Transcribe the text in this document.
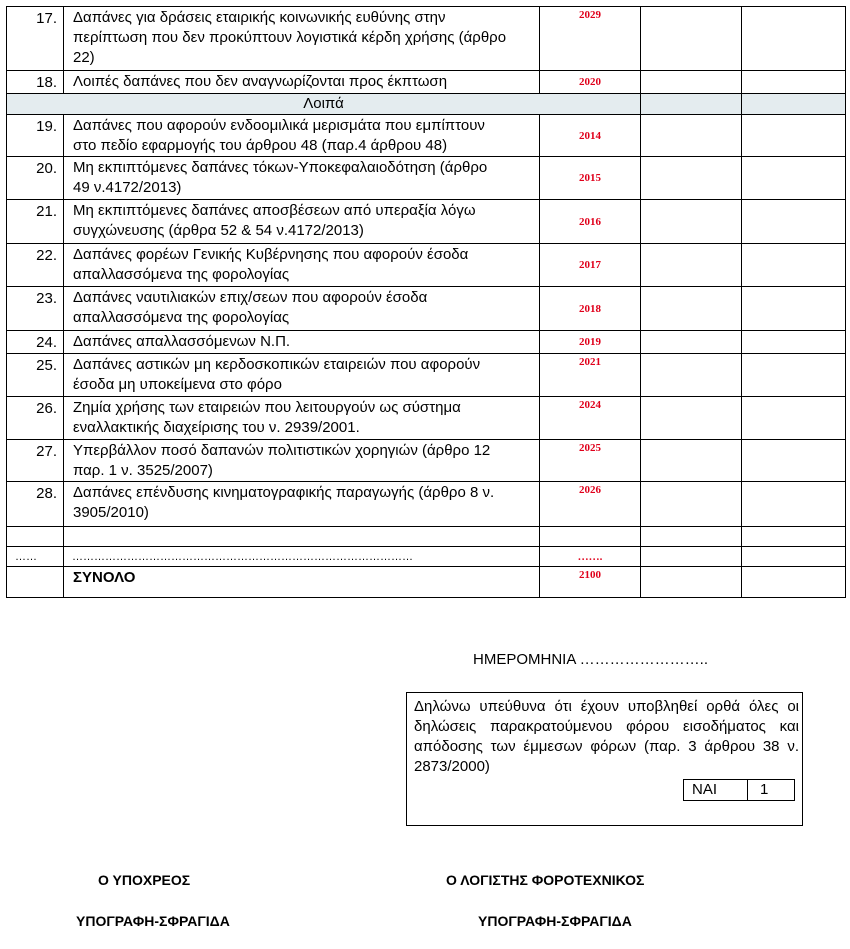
17.	Δαπάνες για δράσεις εταιρικής κοινωνικής ευθύνης στην
περίπτωση που δεν προκύπτουν λογιστικά κέρδη χρήσης (άρθρο
22)	2029		
18.	Λοιπές δαπάνες που δεν αναγνωρίζονται προς έκπτωση	2020		
Λοιπά				
19.	Δαπάνες που αφορούν ενδοομιλικά μερισμάτα που εμπίπτουν
στο πεδίο εφαρμογής του άρθρου 48 (παρ.4 άρθρου 48)	2014		
20.	Μη εκπιπτόμενες δαπάνες τόκων-Υποκεφαλαιοδότηση (άρθρο
49 ν.4172/2013)	2015		
21.	Μη εκπιπτόμενες δαπάνες αποσβέσεων από υπεραξία λόγω
συγχώνευσης (άρθρα 52 & 54 ν.4172/2013)	2016		
22.	Δαπάνες φορέων Γενικής Κυβέρνησης που αφορούν έσοδα
απαλλασσόμενα της φορολογίας	2017		
23.	Δαπάνες ναυτιλιακών επιχ/σεων που αφορούν έσοδα
απαλλασσόμενα της φορολογίας	2018		
24.	Δαπάνες απαλλασσόμενων Ν.Π.	2019		
25.	Δαπάνες αστικών μη κερδοσκοπικών εταιρειών που αφορούν
έσοδα μη υποκείμενα στο φόρο	2021		
26.	Ζημία χρήσης των εταιρειών που λειτουργούν ως σύστημα
εναλλακτικής διαχείρισης του ν. 2939/2001.	2024		
27.	Υπερβάλλον ποσό δαπανών πολιτιστικών χορηγιών (άρθρο 12
παρ. 1 ν. 3525/2007)	2025		
28.	Δαπάνες επένδυσης κινηματογραφικής παραγωγής (άρθρο 8 ν.
3905/2010)	2026		

……	…………………………………………………………………………………	…….		
	ΣΥΝΟΛΟ	2100		
ΗΜΕΡΟΜΗΝΙΑ ……………………..
Δηλώνω υπεύθυνα ότι έχουν υποβληθεί ορθά όλες οι δηλώσεις παρακρατούμενου φόρου εισοδήματος και απόδοσης των έμμεσων φόρων (παρ. 3 άρθρου 38 ν. 2873/2000)
ΝΑΙ	1
Ο ΥΠΟΧΡΕΟΣ	Ο ΛΟΓΙΣΤΗΣ ΦΟΡΟΤΕΧΝΙΚΟΣ
ΥΠΟΓΡΑΦΗ-ΣΦΡΑΓΙΔΑ	ΥΠΟΓΡΑΦΗ-ΣΦΡΑΓΙΔΑ
